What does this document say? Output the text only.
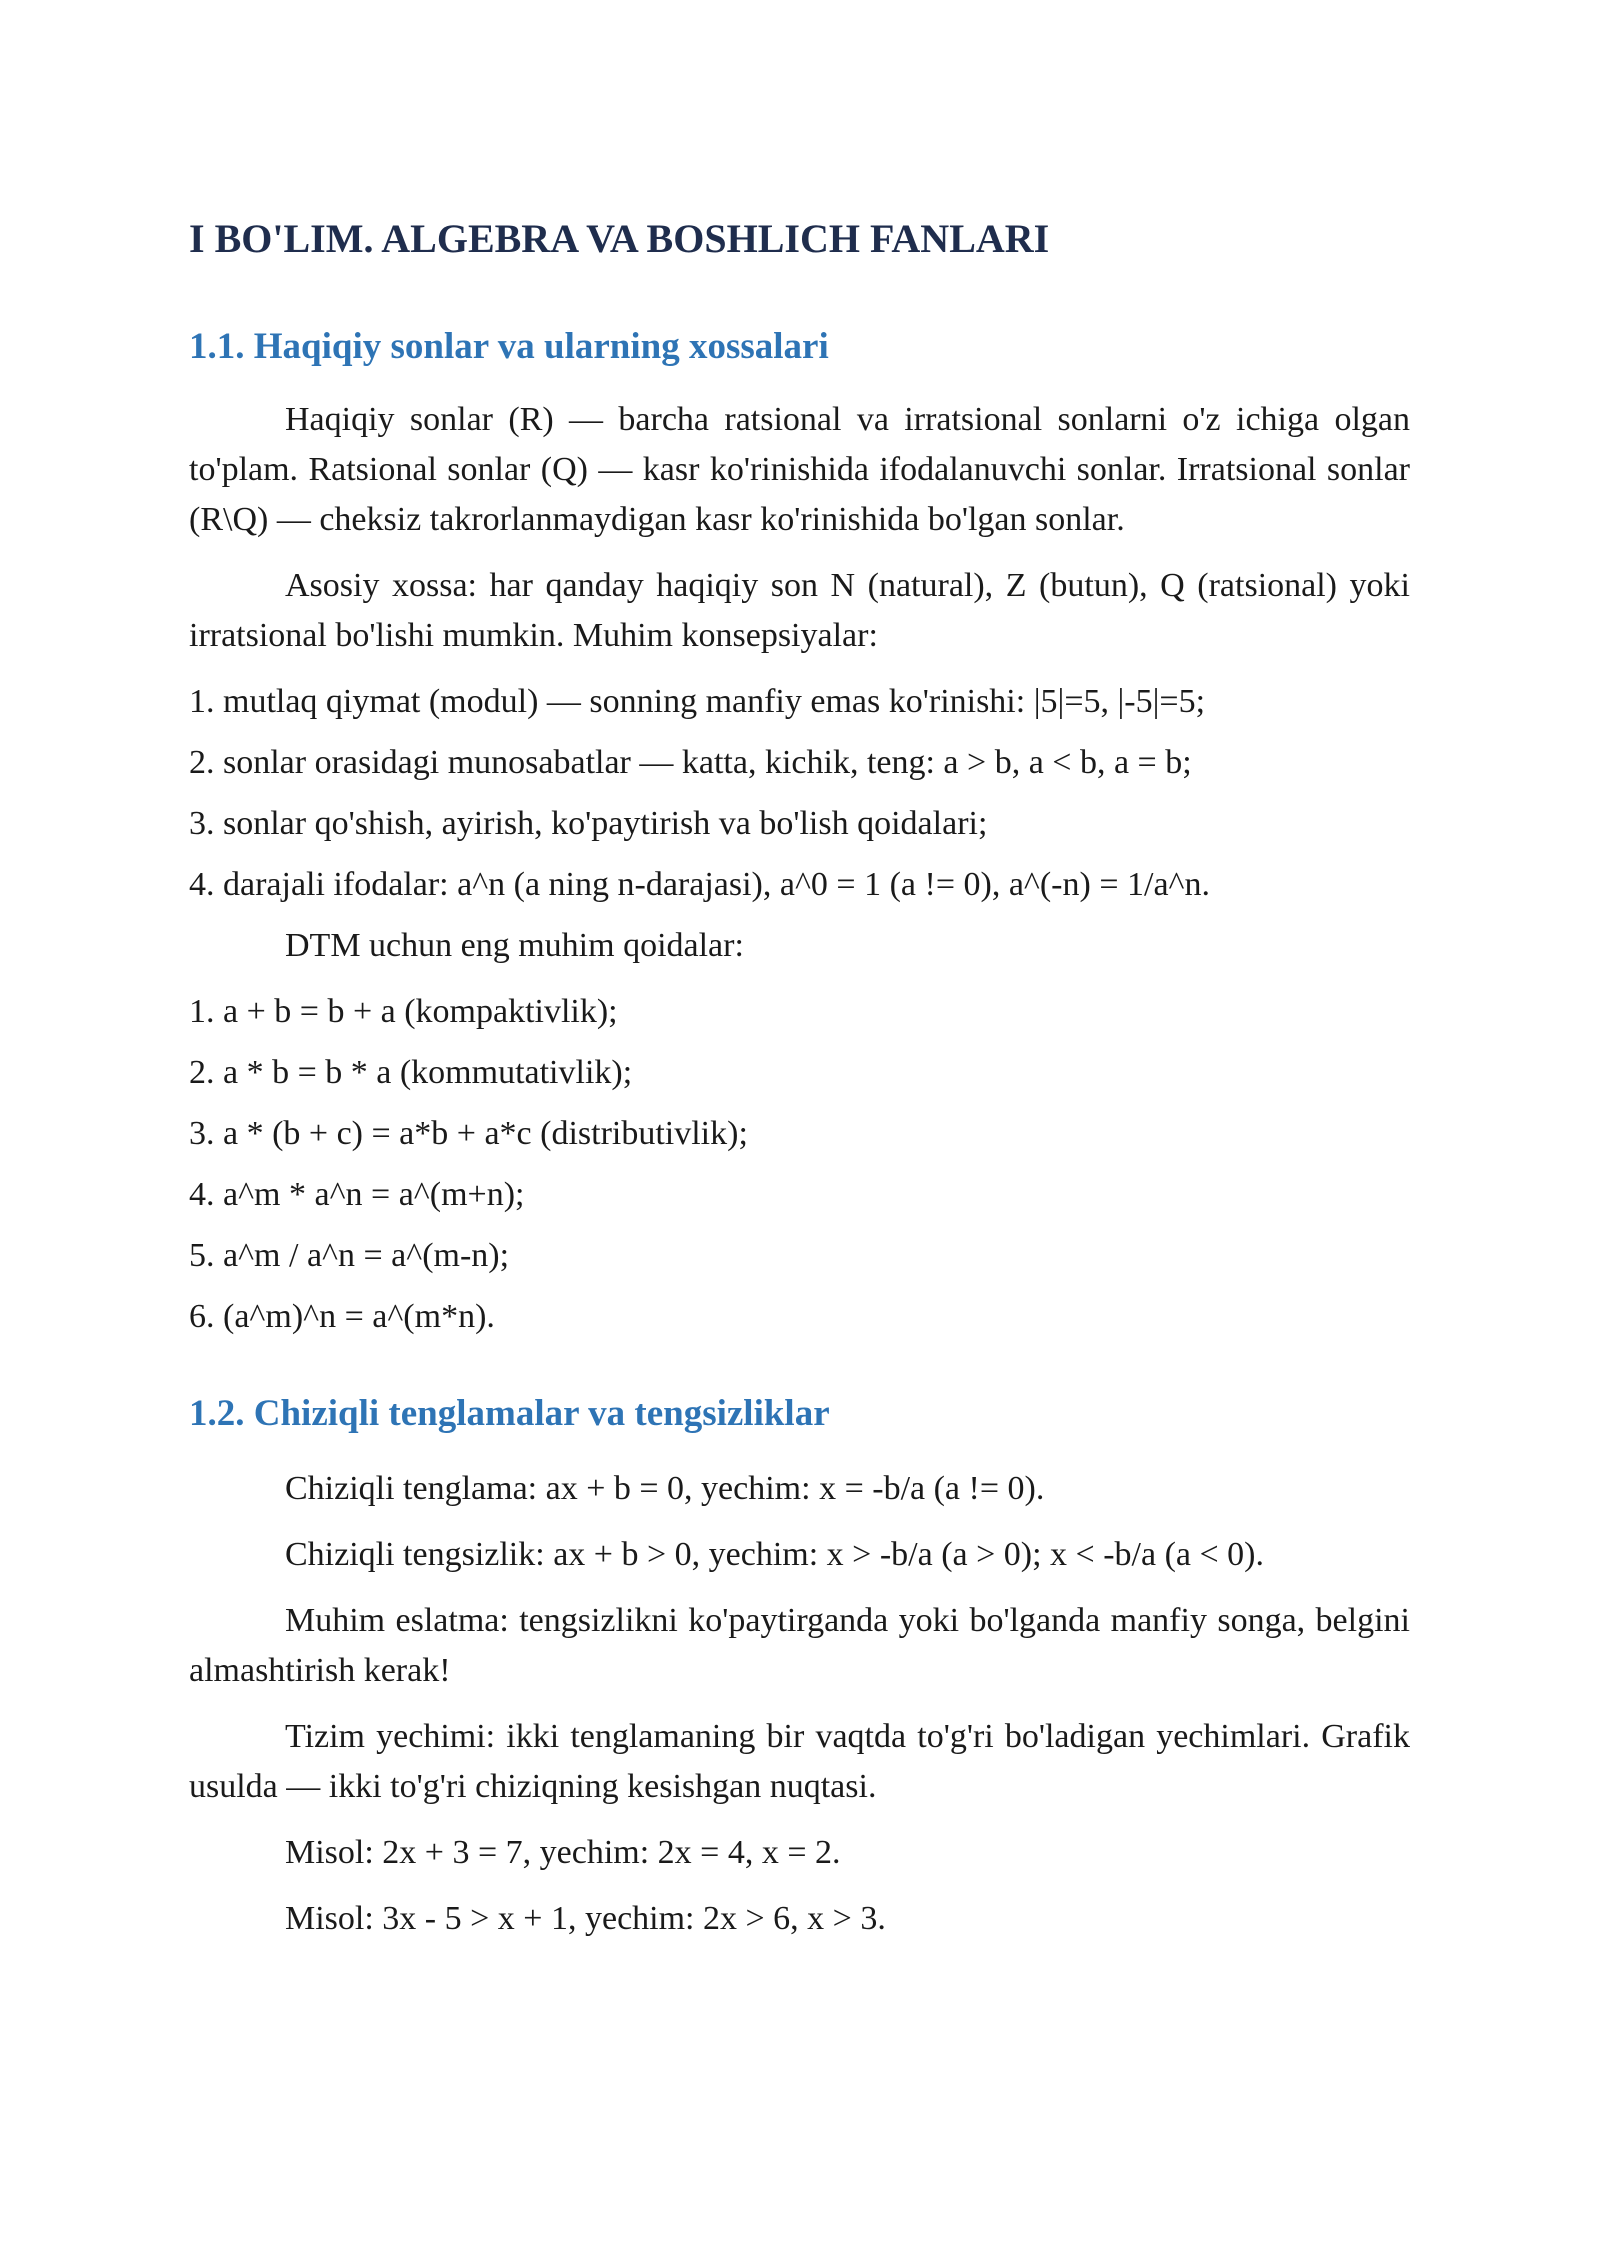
I BO'LIM. ALGEBRA VA BOSHLICH FANLARI
1.1. Haqiqiy sonlar va ularning xossalari

Haqiqiy sonlar (R) — barcha ratsional va irratsional sonlarni o'z ichiga olgan to'plam. Ratsional sonlar (Q) — kasr ko'rinishida ifodalanuvchi sonlar. Irratsional sonlar (R\Q) — cheksiz takrorlanmaydigan kasr ko'rinishida bo'lgan sonlar.

Asosiy xossa: har qanday haqiqiy son N (natural), Z (butun), Q (ratsional) yoki irratsional bo'lishi mumkin. Muhim konsepsiyalar:

1. mutlaq qiymat (modul) — sonning manfiy emas ko'rinishi: |5|=5, |-5|=5;
2. sonlar orasidagi munosabatlar — katta, kichik, teng: a > b, a < b, a = b;
3. sonlar qo'shish, ayirish, ko'paytirish va bo'lish qoidalari;
4. darajali ifodalar: a^n (a ning n-darajasi), a^0 = 1 (a != 0), a^(-n) = 1/a^n.

DTM uchun eng muhim qoidalar:

1. a + b = b + a (kompaktivlik);
2. a * b = b * a (kommutativlik);
3. a * (b + c) = a*b + a*c (distributivlik);
4. a^m * a^n = a^(m+n);
5. a^m / a^n = a^(m-n);
6. (a^m)^n = a^(m*n).
1.2. Chiziqli tenglamalar va tengsizliklar

Chiziqli tenglama: ax + b = 0, yechim: x = -b/a (a != 0).

Chiziqli tengsizlik: ax + b > 0, yechim: x > -b/a (a > 0); x < -b/a (a < 0).

Muhim eslatma: tengsizlikni ko'paytirganda yoki bo'lganda manfiy songa, belgini almashtirish kerak!

Tizim yechimi: ikki tenglamaning bir vaqtda to'g'ri bo'ladigan yechimlari. Grafik usulda — ikki to'g'ri chiziqning kesishgan nuqtasi.

Misol: 2x + 3 = 7, yechim: 2x = 4, x = 2.

Misol: 3x - 5 > x + 1, yechim: 2x > 6, x > 3.
